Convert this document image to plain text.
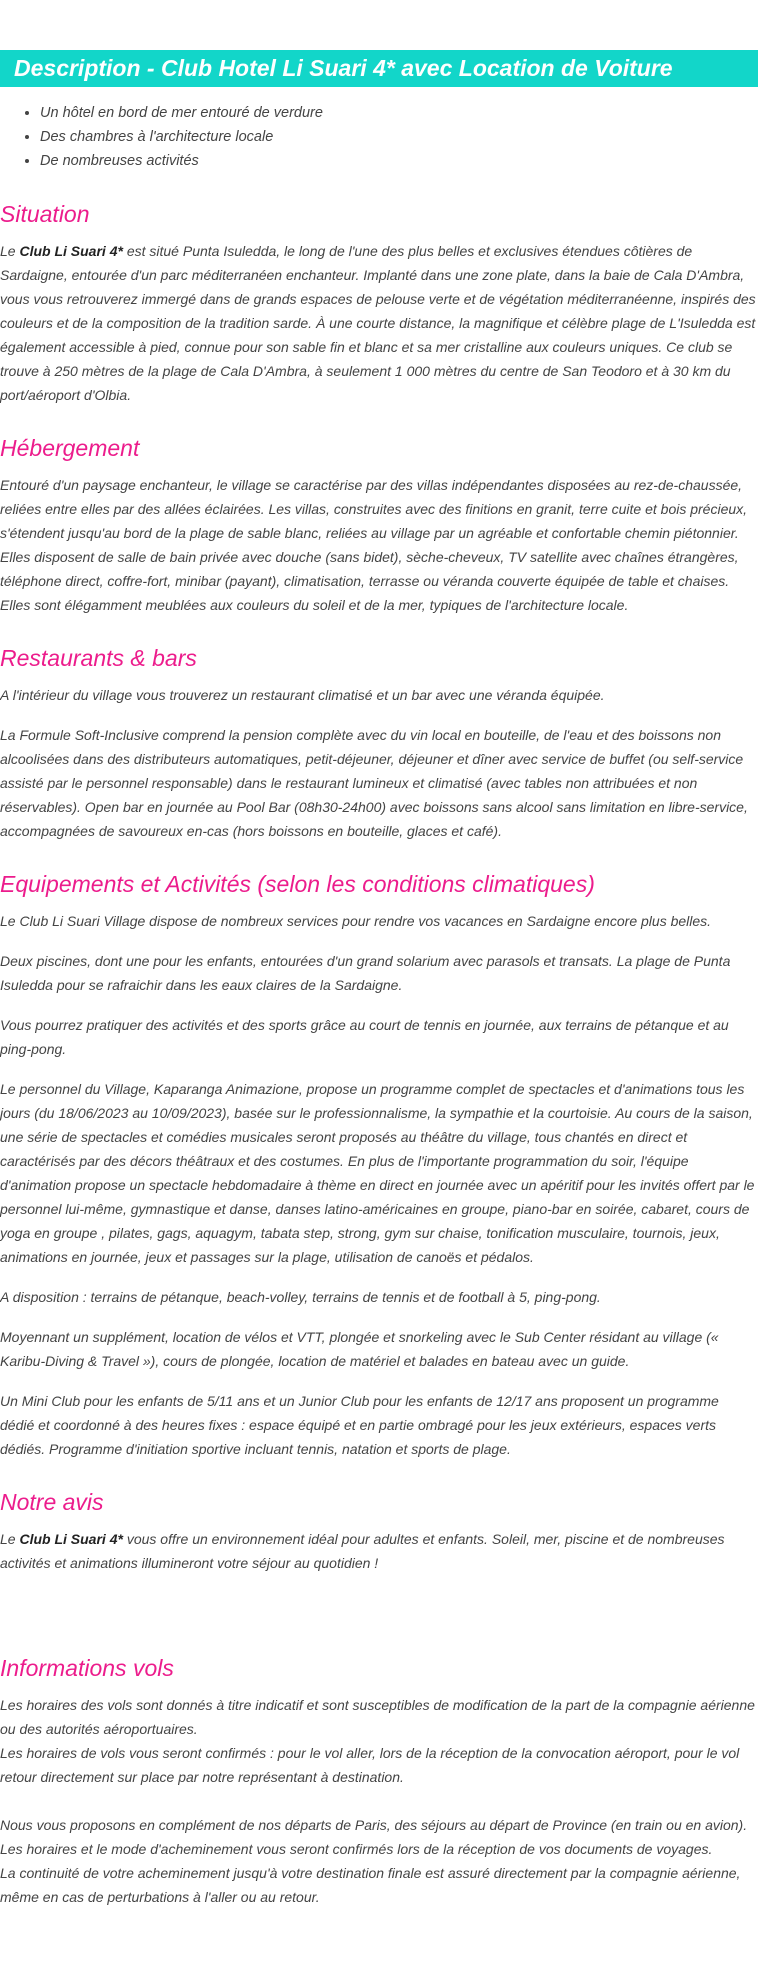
Description - Club Hotel Li Suari 4* avec Location de Voiture
• Un hôtel en bord de mer entouré de verdure
• Des chambres à l'architecture locale
• De nombreuses activités
Situation

Le Club Li Suari 4* est situé Punta Isuledda, le long de l'une des plus belles et exclusives étendues côtières de Sardaigne, entourée d'un parc méditerranéen enchanteur. Implanté dans une zone plate, dans la baie de Cala D'Ambra, vous vous retrouverez immergé dans de grands espaces de pelouse verte et de végétation méditerranéenne, inspirés des couleurs et de la composition de la tradition sarde. À une courte distance, la magnifique et célèbre plage de L'Isuledda est également accessible à pied, connue pour son sable fin et blanc et sa mer cristalline aux couleurs uniques. Ce club se trouve à 250 mètres de la plage de Cala D'Ambra, à seulement 1 000 mètres du centre de San Teodoro et à 30 km du port/aéroport d'Olbia.

Hébergement

Entouré d'un paysage enchanteur, le village se caractérise par des villas indépendantes disposées au rez-de-chaussée, reliées entre elles par des allées éclairées. Les villas, construites avec des finitions en granit, terre cuite et bois précieux, s'étendent jusqu'au bord de la plage de sable blanc, reliées au village par un agréable et confortable chemin piétonnier. Elles disposent de salle de bain privée avec douche (sans bidet), sèche-cheveux, TV satellite avec chaînes étrangères, téléphone direct, coffre-fort, minibar (payant), climatisation, terrasse ou véranda couverte équipée de table et chaises. Elles sont élégamment meublées aux couleurs du soleil et de la mer, typiques de l'architecture locale.

Restaurants & bars

A l'intérieur du village vous trouverez un restaurant climatisé et un bar avec une véranda équipée.

La Formule Soft-Inclusive comprend la pension complète avec du vin local en bouteille, de l'eau et des boissons non alcoolisées dans des distributeurs automatiques, petit-déjeuner, déjeuner et dîner avec service de buffet (ou self-service assisté par le personnel responsable) dans le restaurant lumineux et climatisé (avec tables non attribuées et non réservables). Open bar en journée au Pool Bar (08h30-24h00) avec boissons sans alcool sans limitation en libre-service, accompagnées de savoureux en-cas (hors boissons en bouteille, glaces et café).

Equipements et Activités (selon les conditions climatiques)

Le Club Li Suari Village dispose de nombreux services pour rendre vos vacances en Sardaigne encore plus belles.

Deux piscines, dont une pour les enfants, entourées d'un grand solarium avec parasols et transats. La plage de Punta Isuledda pour se rafraichir dans les eaux claires de la Sardaigne.

Vous pourrez pratiquer des activités et des sports grâce au court de tennis en journée, aux terrains de pétanque et au ping-pong.

Le personnel du Village, Kaparanga Animazione, propose un programme complet de spectacles et d'animations tous les jours (du 18/06/2023 au 10/09/2023), basée sur le professionnalisme, la sympathie et la courtoisie. Au cours de la saison, une série de spectacles et comédies musicales seront proposés au théâtre du village, tous chantés en direct et caractérisés par des décors théâtraux et des costumes. En plus de l'importante programmation du soir, l'équipe d'animation propose un spectacle hebdomadaire à thème en direct en journée avec un apéritif pour les invités offert par le personnel lui-même, gymnastique et danse, danses latino-américaines en groupe, piano-bar en soirée, cabaret, cours de yoga en groupe , pilates, gags, aquagym, tabata step, strong, gym sur chaise, tonification musculaire, tournois, jeux, animations en journée, jeux et passages sur la plage, utilisation de canoës et pédalos.

A disposition : terrains de pétanque, beach-volley, terrains de tennis et de football à 5, ping-pong.

Moyennant un supplément, location de vélos et VTT, plongée et snorkeling avec le Sub Center résidant au village (« Karibu-Diving & Travel »), cours de plongée, location de matériel et balades en bateau avec un guide.

Un Mini Club pour les enfants de 5/11 ans et un Junior Club pour les enfants de 12/17 ans proposent un programme dédié et coordonné à des heures fixes : espace équipé et en partie ombragé pour les jeux extérieurs, espaces verts dédiés. Programme d'initiation sportive incluant tennis, natation et sports de plage.

Notre avis

Le Club Li Suari 4* vous offre un environnement idéal pour adultes et enfants. Soleil, mer, piscine et de nombreuses activités et animations illumineront votre séjour au quotidien !

Informations vols

Les horaires des vols sont donnés à titre indicatif et sont susceptibles de modification de la part de la compagnie aérienne ou des autorités aéroportuaires.

Les horaires de vols vous seront confirmés : pour le vol aller, lors de la réception de la convocation aéroport, pour le vol retour directement sur place par notre représentant à destination.

Nous vous proposons en complément de nos départs de Paris, des séjours au départ de Province (en train ou en avion).

Les horaires et le mode d'acheminement vous seront confirmés lors de la réception de vos documents de voyages.

La continuité de votre acheminement jusqu'à votre destination finale est assuré directement par la compagnie aérienne, même en cas de perturbations à l'aller ou au retour.
